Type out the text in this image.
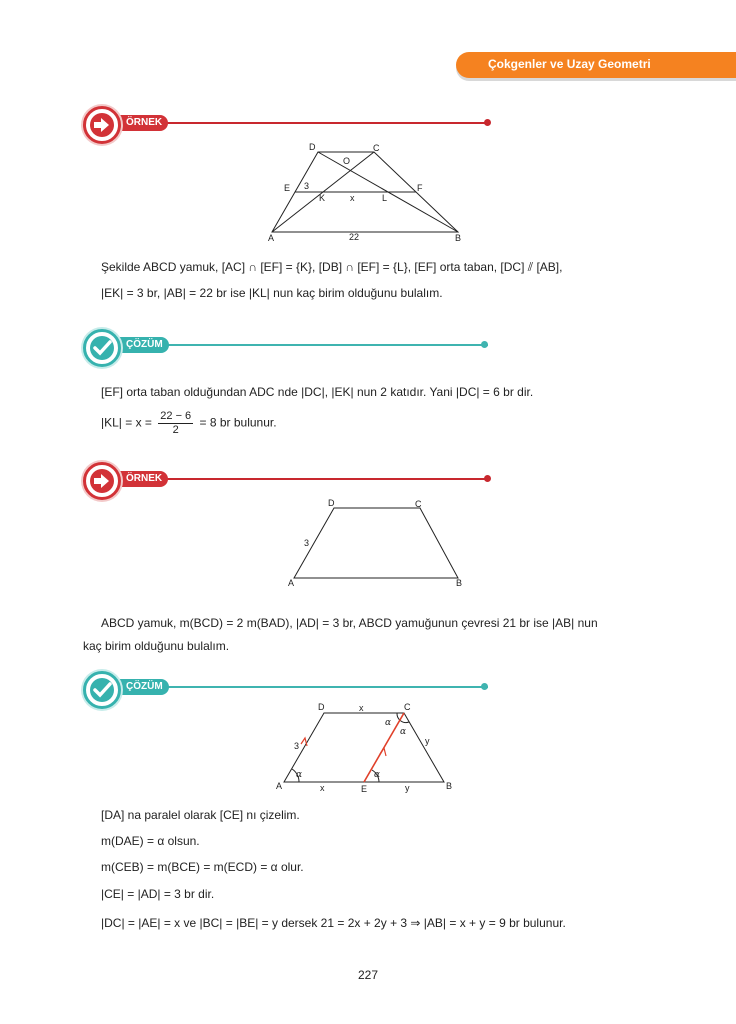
Çokgenler ve Uzay Geometri
ÖRNEK
D	C
O
E 3	F
K	x	L
A	22	B
Şekilde ABCD yamuk, [AC] ∩ [EF] = {K}, [DB] ∩ [EF] = {L}, [EF] orta taban, [DC] ⫽ [AB],
|EK| = 3 br, |AB| = 22 br ise |KL| nun kaç birim olduğunu bulalım.
ÇÖZÜM
[EF] orta taban olduğundan ADC nde |DC|, |EK| nun 2 katıdır. Yani |DC| = 6 br dir.
$|KL| = x = \frac{22 - 6}{2} = 8$ br bulunur.
ÖRNEK
D	C
3
A	B
ABCD yamuk, m(BCD) = 2 m(BAD), |AD| = 3 br, ABCD yamuğunun çevresi 21 br ise |AB| nun
kaç birim olduğunu bulalım.
ÇÖZÜM
D	x	C
α
α
3	y
α	α
A	x	E	y	B
[DA] na paralel olarak [CE] nı çizelim.
m(DAE) = α olsun.
m(CEB) = m(BCE) = m(ECD) = α olur.
|CE| = |AD| = 3 br dir.
|DC| = |AE| = x ve |BC| = |BE| = y dersek 21 = 2x + 2y + 3 ⇒ |AB| = x + y = 9 br bulunur.
227
